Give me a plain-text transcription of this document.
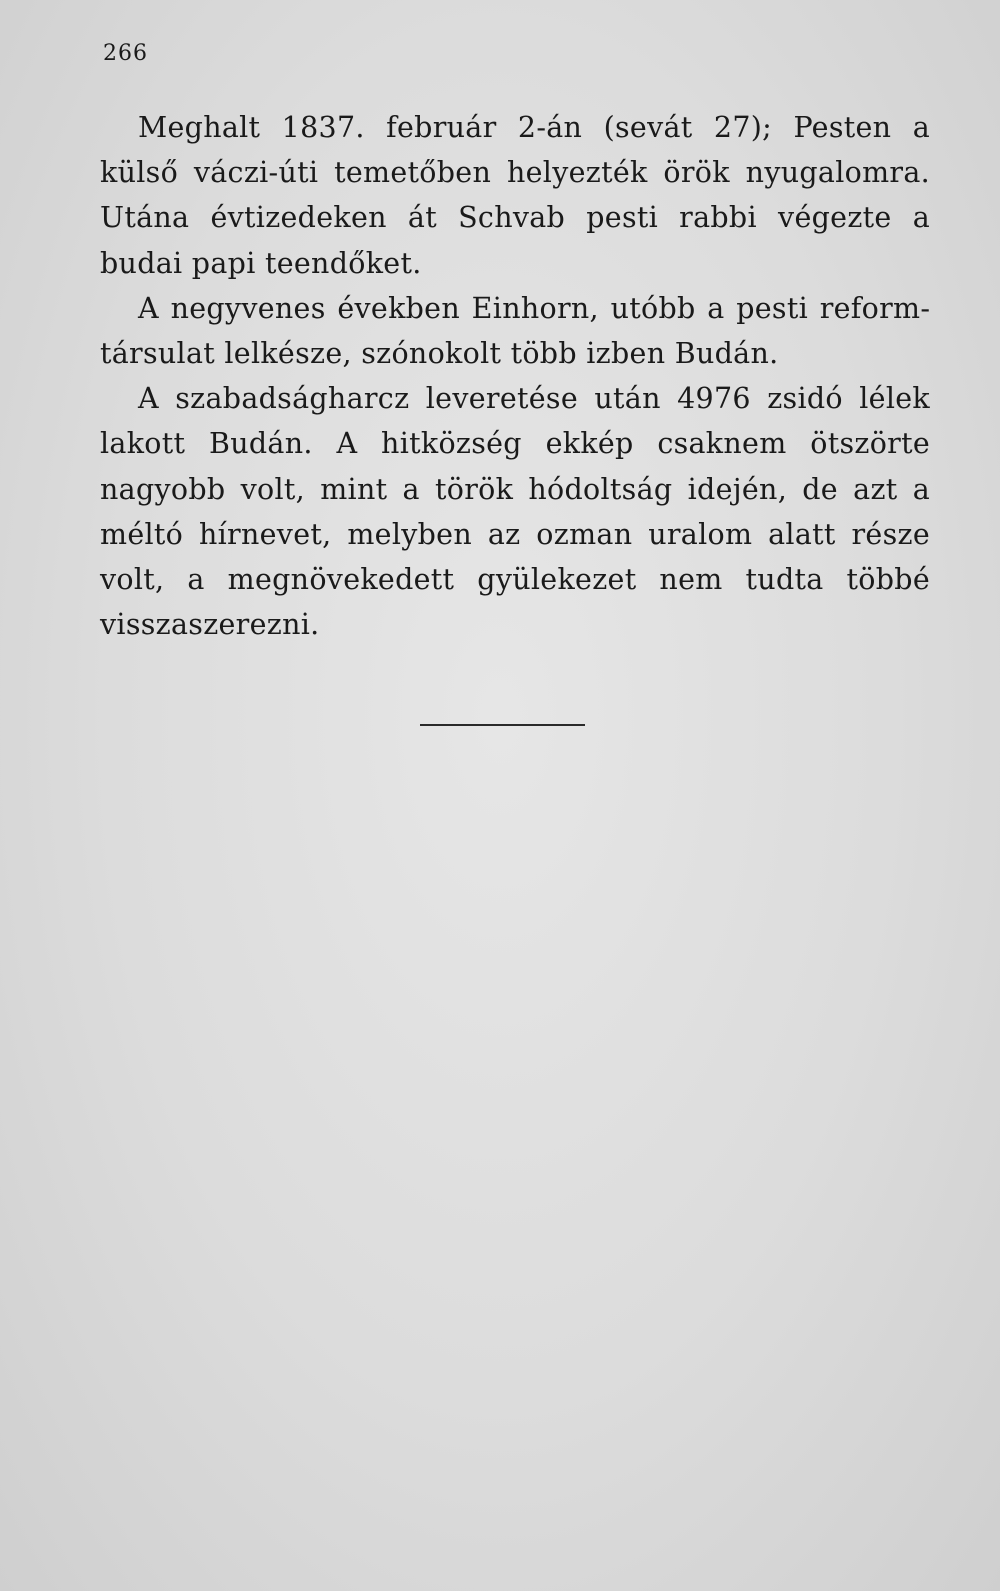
266

Meghalt 1837. február 2-án (sevát 27); Pesten a külső váczi-úti temetőben helyezték örök nyugalomra. Utána évtizedeken át Schvab pesti rabbi végezte a budai papi teendőket.

A negyvenes években Einhorn, utóbb a pesti reformtársulat lelkésze, szónokolt több izben Budán.

A szabadságharcz leveretése után 4976 zsidó lélek lakott Budán. A hitközség ekkép csaknem ötszörte nagyobb volt, mint a török hódoltság idején, de azt a méltó hírnevet, melyben az ozman uralom alatt része volt, a megnövekedett gyülekezet nem tudta többé visszaszerezni.
